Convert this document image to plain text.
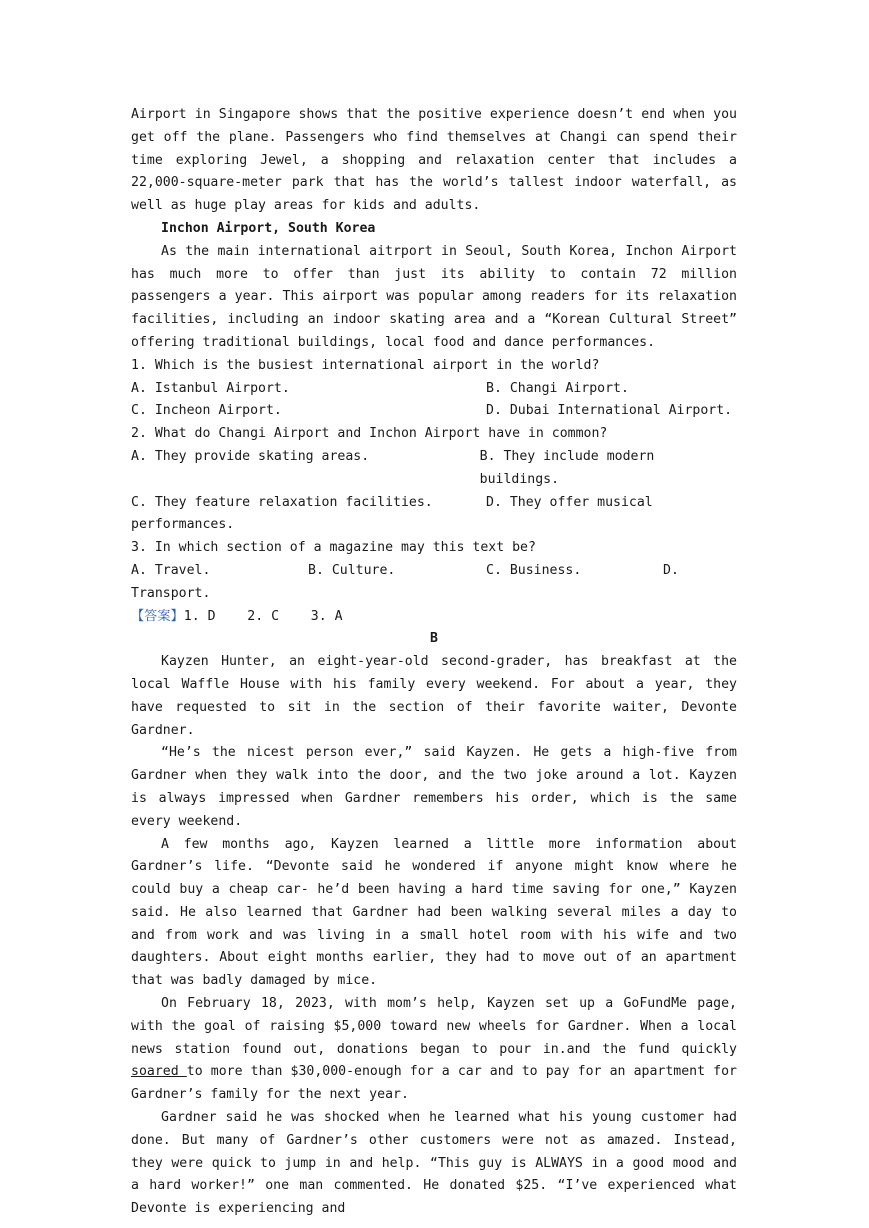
Airport in Singapore shows that the positive experience doesn’t end when you get off the plane. Passengers who find themselves at Changi can spend their time exploring Jewel, a shopping and relaxation center that includes a 22,000-square-meter park that has the world’s tallest indoor waterfall, as well as huge play areas for kids and adults.

Inchon Airport, South Korea

As the main international aitrport in Seoul, South Korea, Inchon Airport has much more to offer than just its ability to contain 72 million passengers a year. This airport was popular among readers for its relaxation facilities, including an indoor skating area and a “Korean Cultural Street” offering traditional buildings, local food and dance performances.

1. Which is the busiest international airport in the world?

A. Istanbul Airport.	B. Changi Airport.
C. Incheon Airport.	D. Dubai International Airport.

2. What do Changi Airport and Inchon Airport have in common?

A. They provide skating areas.	B. They include modern buildings.
C. They feature relaxation facilities.	D. They offer musical

performances.

3. In which section of a magazine may this text be?

A. Travel.	B. Culture.	C. Business.	D.

Transport.

【答案】1. D    2. C    3. A

B

Kayzen Hunter, an eight-year-old second-grader, has breakfast at the local Waffle House with his family every weekend. For about a year, they have requested to sit in the section of their favorite waiter, Devonte Gardner.

“He’s the nicest person ever,” said Kayzen. He gets a high-five from Gardner when they walk into the door, and the two joke around a lot. Kayzen is always impressed when Gardner remembers his order, which is the same every weekend.

A few months ago, Kayzen learned a little more information about Gardner’s life. “Devonte said he wondered if anyone might know where he could buy a cheap car- he’d been having a hard time saving for one,” Kayzen said. He also learned that Gardner had been walking several miles a day to and from work and was living in a small hotel room with his wife and two daughters. About eight months earlier, they had to move out of an apartment that was badly damaged by mice.

On February 18, 2023, with mom’s help, Kayzen set up a GoFundMe page, with the goal of raising $5,000 toward new wheels for Gardner. When a local news station found out, donations began to pour in.and the fund quickly soared to more than $30,000-enough for a car and to pay for an apartment for Gardner’s family for the next year.

Gardner said he was shocked when he learned what his young customer had done. But many of Gardner’s other customers were not as amazed. Instead, they were quick to jump in and help. “This guy is ALWAYS in a good mood and a hard worker!” one man commented. He donated $25. “I’ve experienced what Devonte is experiencing and
